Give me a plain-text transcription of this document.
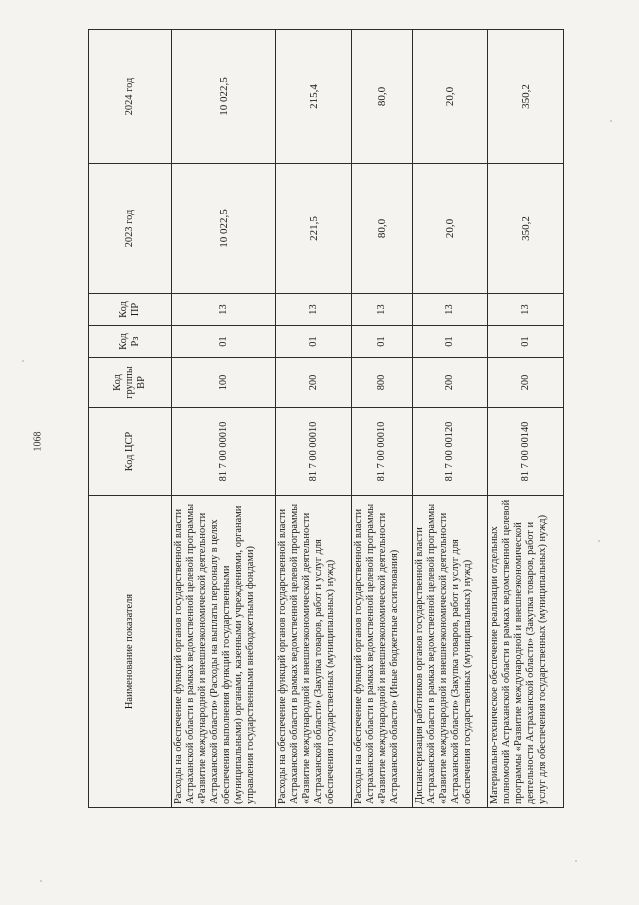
1068
Наименование показателя	Код ЦСР	Код группы ВР	Код Рз	Код ПР	2023 год	2024 год
Расходы на обеспечение функций органов государственной власти Астраханской области в рамках ведомственной целевой программы «Развитие международной и внешнеэкономической деятельности Астраханской области» (Расходы на выплаты персоналу в целях обеспечения выполнения функций государственными (муниципальными) органами, казенными учреждениями, органами управления государственными внебюджетными фондами)	81 7 00 00010	100	01	13	10 022,5	10 022,5
Расходы на обеспечение функций органов государственной власти Астраханской области в рамках ведомственной целевой программы «Развитие международной и внешнеэкономической деятельности Астраханской области» (Закупка товаров, работ и услуг для обеспечения государственных (муниципальных) нужд)	81 7 00 00010	200	01	13	221,5	215,4
Расходы на обеспечение функций органов государственной власти Астраханской области в рамках ведомственной целевой программы «Развитие международной и внешнеэкономической деятельности Астраханской области» (Иные бюджетные ассигнования)	81 7 00 00010	800	01	13	80,0	80,0
Диспансеризация работников органов государственной власти Астраханской области в рамках ведомственной целевой программы «Развитие международной и внешнеэкономической деятельности Астраханской области» (Закупка товаров, работ и услуг для обеспечения государственных (муниципальных) нужд)	81 7 00 00120	200	01	13	20,0	20,0
Материально-техническое обеспечение реализации отдельных полномочий Астраханской области в рамках ведомственной целевой программы «Развитие международной и внешнеэкономической деятельности Астраханской области» (Закупка товаров, работ и услуг для обеспечения государственных (муниципальных) нужд)	81 7 00 00140	200	01	13	350,2	350,2
